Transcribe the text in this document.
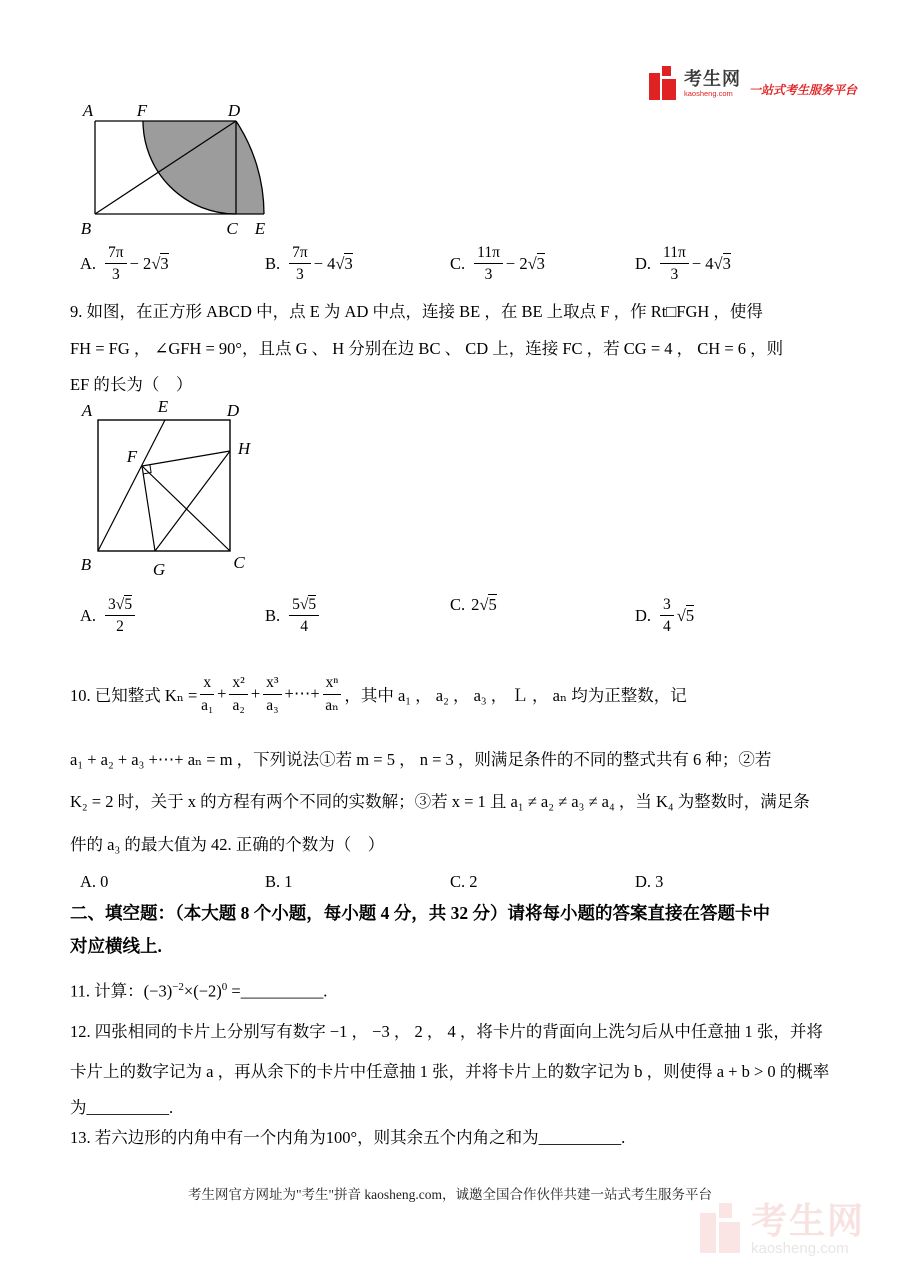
考生网
kaosheng.com	一站式考生服务平台
A	F	D
B	C E
A. $\frac{7\pi}{3} - 2$ √3	B. $\frac{7\pi}{3} - 4$ √3	C. $\frac{11\pi}{3} - 2$ √3	D. $\frac{11\pi}{3} - 4$ √3
9. 如图，在正方形 ABCD 中，点 E 为 AD 中点，连接 BE ，在 BE 上取点 F ，作 Rt□FGH ，使得
FH = FG ， ∠GFH = 90°，且点 G 、 H 分别在边 BC 、 CD 上，连接 FC ，若 CG = 4 ， CH = 6 ，则
EF 的长为（　）
A	E	D
F	H
B	G	C
A. $\frac{3√5}{2}$	B. $\frac{5√5}{4}$	C. 2 √5
D. $\frac{3}{4} √5$
10. 已知整式 $K_n = \frac{x}{\text{a₁}} + \frac{\text{x²}}{\text{a₂}} + \frac{\text{x³}}{\text{a₃}}$ +⋯+ $\frac{\text{xⁿ}}{\text{aₙ}}$ ，其中 a₁ ， a₂ ， a₃ ， Ｌ ， aₙ 均为正整数，记
a₁ + a₂ + a₃ +⋯+ aₙ = m ，下列说法①若 m = 5 ， n = 3 ，则满足条件的不同的整式共有 6 种；②若
K₂ = 2 时，关于 x 的方程有两个不同的实数解；③若 x = 1 且 a₁ ≠ a₂ ≠ a₃ ≠ a₄ ，当 K₄ 为整数时，满足条
件的 a₃ 的最大值为 42. 正确的个数为（　）
A. 0	B. 1	C. 2	D. 3
二、填空题：（本大题 8 个小题，每小题 4 分，共 32 分）请将每小题的答案直接在答题卡中
对应横线上.
11. 计算：$(-3)^{-2}\times(-2)^0$ =__________.
12. 四张相同的卡片上分别写有数字 −1 ， −3 ， 2 ， 4 ，将卡片的背面向上洗匀后从中任意抽 1 张，并将
卡片上的数字记为 a ，再从余下的卡片中任意抽 1 张，并将卡片上的数字记为 b ，则使得 a + b > 0 的概率
为__________.
13. 若六边形的内角中有一个内角为100°，则其余五个内角之和为__________.
考生网官方网址为"考生"拼音 kaosheng.com，诚邀全国合作伙伴共建一站式考生服务平台
考生网
kaosheng.com
